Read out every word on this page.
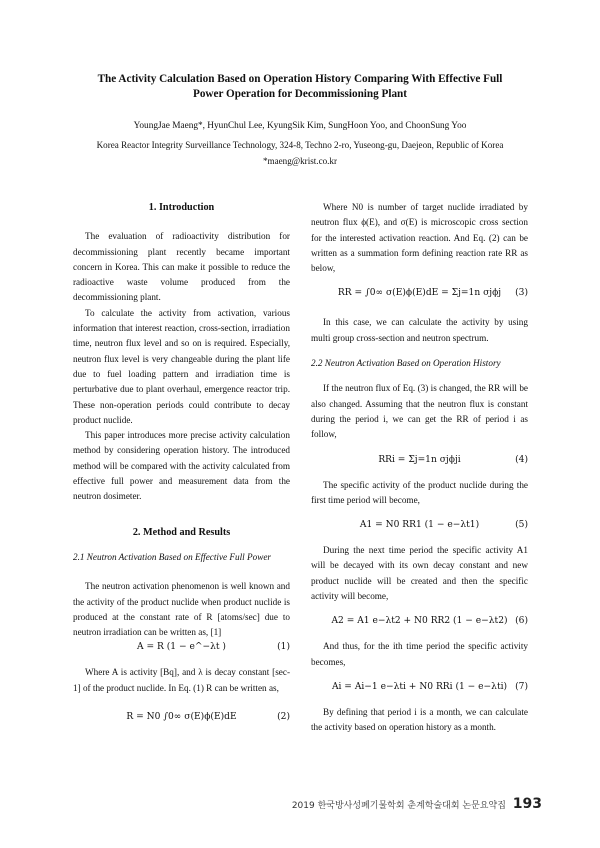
The Activity Calculation Based on Operation History Comparing With Effective Full
Power Operation for Decommissioning Plant
YoungJae Maeng*, HyunChul Lee, KyungSik Kim, SungHoon Yoo, and ChoonSung Yoo
Korea Reactor Integrity Surveillance Technology, 324-8, Techno 2-ro, Yuseong-gu, Daejeon, Republic of Korea
*maeng@krist.co.kr

1. Introduction

The evaluation of radioactivity distribution for decommissioning plant recently became important concern in Korea. This can make it possible to reduce the radioactive waste volume produced from the decommissioning plant.

To calculate the activity from activation, various information that interest reaction, cross-section, irradiation time, neutron flux level and so on is required. Especially, neutron flux level is very changeable during the plant life due to fuel loading pattern and irradiation time is perturbative due to plant overhaul, emergence reactor trip. These non-operation periods could contribute to decay product nuclide.

This paper introduces more precise activity calculation method by considering operation history. The introduced method will be compared with the activity calculated from effective full power and measurement data from the neutron dosimeter.

2. Method and Results

2.1 Neutron Activation Based on Effective Full Power

The neutron activation phenomenon is well known and the activity of the product nuclide when product nuclide is produced at the constant rate of R [atoms/sec] due to neutron irradiation can be written as, [1]

A = R (1 − e^−λt )	(1)

Where A is activity [Bq], and λ is decay constant [sec-1] of the product nuclide. In Eq. (1) R can be written as,

R = N0 ∫0∞ σ(E)ϕ(E)dE	(2)

Where N0 is number of target nuclide irradiated by neutron flux ϕ(E), and σ(E) is microscopic cross section for the interested activation reaction. And Eq. (2) can be written as a summation form defining reaction rate RR as below,

RR = ∫0∞ σ(E)ϕ(E)dE = Σj=1n σjϕj	(3)

In this case, we can calculate the activity by using multi group cross-section and neutron spectrum.

2.2 Neutron Activation Based on Operation History

If the neutron flux of Eq. (3) is changed, the RR will be also changed. Assuming that the neutron flux is constant during the period i, we can get the RR of period i as follow,

RRi = Σj=1n σjϕji	(4)

The specific activity of the product nuclide during the first time period will become,

A1 = N0 RR1 (1 − e−λt1)	(5)

During the next time period the specific activity A1 will be decayed with its own decay constant and new product nuclide will be created and then the specific activity will become,

A2 = A1 e−λt2 + N0 RR2 (1 − e−λt2) (6)

And thus, for the ith time period the specific activity becomes,

Ai = Ai−1 e−λti + N0 RRi (1 − e−λti) (7)

By defining that period i is a month, we can calculate the activity based on operation history as a month.

2019 한국방사성폐기물학회 춘계학술대회 논문요약집 193
